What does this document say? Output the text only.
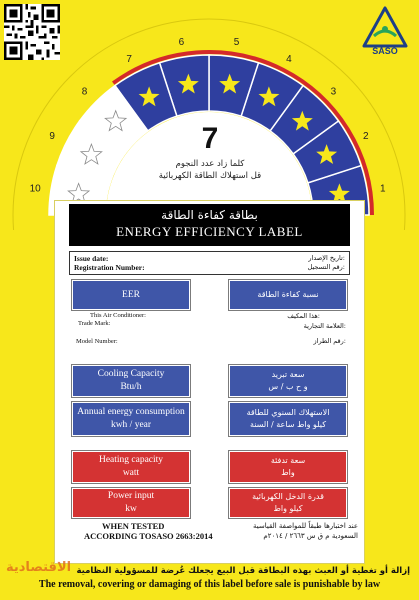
SASO
1
2
3
4
5
6
7
8
9
10
7
كلما زاد عدد النجوم
قل استهلاك الطاقة الكهربائية
بطاقة كفاءة الطاقة
ENERGY EFFICIENCY LABEL
Issue date:
Registration Number:
تاريخ الإصدار:
رقم التسجيل:
EER	نسبة كفاءة الطاقة
This Air Conditioner:
Trade Mark:
Model Number:
هذا المكيف:
العلامة التجارية:
رقم الطراز:
Cooling Capacity
Btu/h
سعة تبريد
و ح ب / س
Annual energy consumption
kwh / year
الاستهلاك السنوي للطاقة
كيلو واط ساعة / السنة
Heating capacity
watt
سعة تدفئة
واط
Power input
kw
قدرة الدخل الكهربائية
كيلو واط
WHEN TESTED
ACCORDING TOSASO 2663:2014
عند اختبارها طبقاً للمواصفة القياسية
السعودية م ق س ٢٦٦٣ / ٢٠١٤م
الاقتصادية إزالة أو تغطية أو العبث بهذه البطاقة قبل البيع يجعلك عُرضة للمسؤولية النظامية
The removal, covering or damaging of this label before sale is punishable by law
